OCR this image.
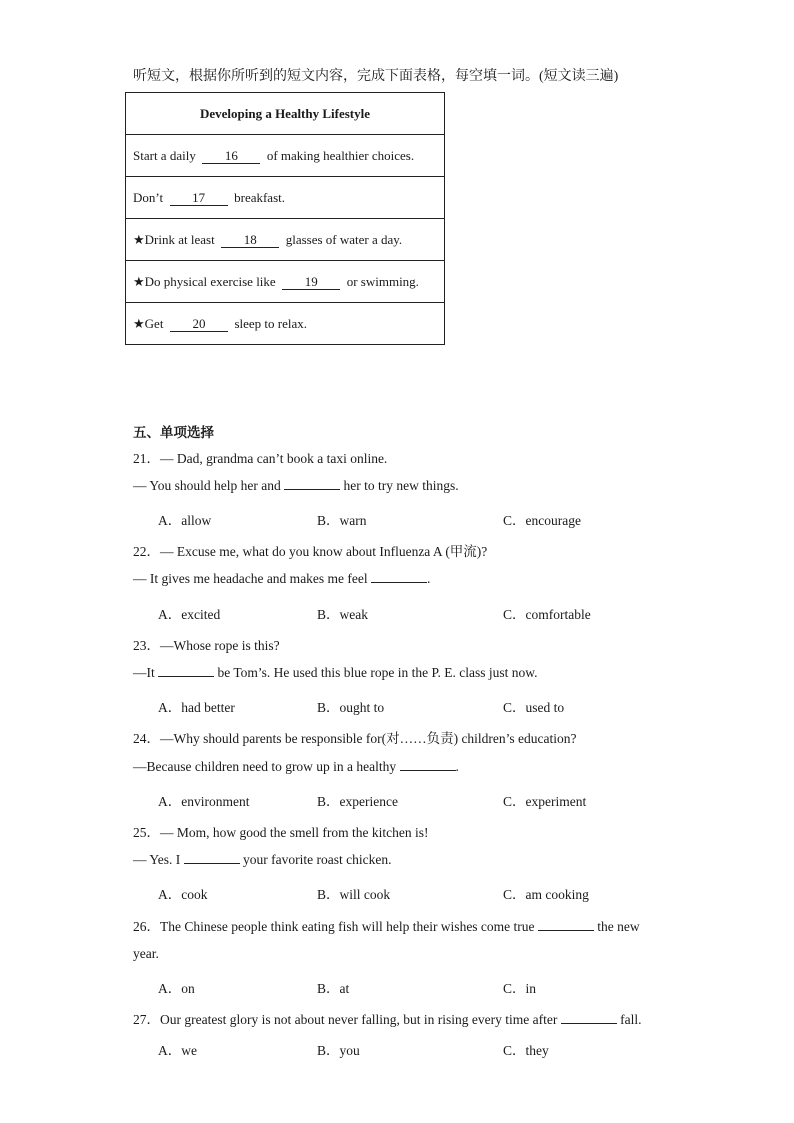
听短文，根据你所听到的短文内容，完成下面表格，每空填一词。(短文读三遍)
Developing a Healthy Lifestyle
Start a daily 16 of making healthier choices.
Don’t 17 breakfast.
★Drink at least 18 glasses of water a day.
★Do physical exercise like 19 or swimming.
★Get 20 sleep to relax.
五、单项选择
21．— Dad, grandma can’t book a taxi online.
— You should help her and	her to try new things.
A．allow	B．warn	C．encourage
22．— Excuse me, what do you know about Influenza A (甲流)?
— It gives me headache and makes me feel	.
A．excited	B．weak	C．comfortable
23．—Whose rope is this?
—It	be Tom’s. He used this blue rope in the P. E. class just now.
A．had better	B．ought to	C．used to
24．—Why should parents be responsible for(对……负责) children’s education?
—Because children need to grow up in a healthy	.
A．environment	B．experience	C．experiment
25．— Mom, how good the smell from the kitchen is!
— Yes. I	your favorite roast chicken.
A．cook	B．will cook	C．am cooking
26．The Chinese people think eating fish will help their wishes come true	the new
year.
A．on	B．at	C．in
27．Our greatest glory is not about never falling, but in rising every time after	fall.
A．we	B．you	C．they
